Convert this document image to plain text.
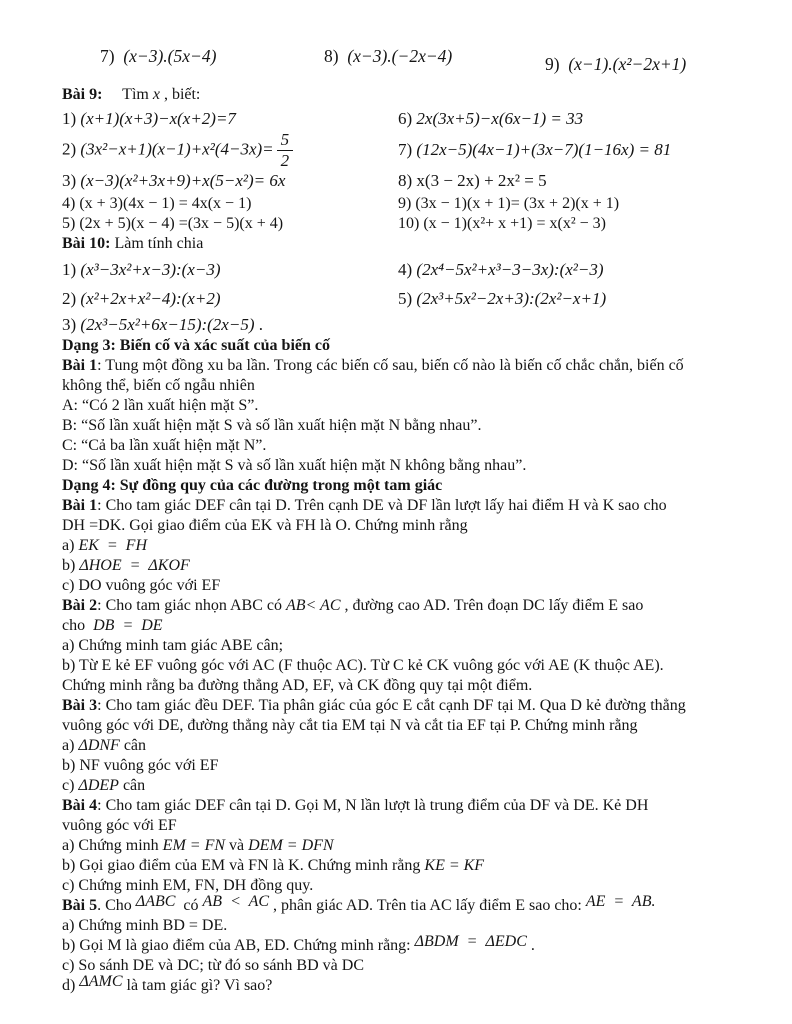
7)  (x−3).(5x−4)	8)  (x−3).(−2x−4)	9)  (x−1).(x²−2x+1)
Bài 9:     Tìm x , biết:
1) (x+1)(x+3)−x(x+2)=7	6) 2x(3x+5)−x(6x−1) = 33
2) $(3x^2-x+1)(x-1)+x^2(4-3x)= \frac{5}{2}$	7) (12x−5)(4x−1)+(3x−7)(1−16x) = 81
3) (x−3)(x²+3x+9)+x(5−x²)= 6x	8) x(3 − 2x) + 2x² = 5
4) (x + 3)(4x − 1) = 4x(x − 1)	9) (3x − 1)(x + 1)= (3x + 2)(x + 1)
5) (2x + 5)(x − 4) =(3x − 5)(x + 4)	10) (x − 1)(x²+ x +1) = x(x² − 3)
Bài 10: Làm tính chia
1) (x³−3x²+x−3):(x−3)	4) (2x⁴−5x²+x³−3−3x):(x²−3)
2) (x²+2x+x²−4):(x+2)	5) (2x³+5x²−2x+3):(2x²−x+1)
3) (2x³−5x²+6x−15):(2x−5) .
Dạng 3: Biến cố và xác suất của biến cố
Bài 1: Tung một đồng xu ba lần. Trong các biến cố sau, biến cố nào là biến cố chắc chắn, biến cố
không thể, biến cố ngẫu nhiên
A: “Có 2 lần xuất hiện mặt S”.
B: “Số lần xuất hiện mặt S và số lần xuất hiện mặt N bằng nhau”.
C: “Cả ba lần xuất hiện mặt N”.
D: “Số lần xuất hiện mặt S và số lần xuất hiện mặt N không bằng nhau”.
Dạng 4: Sự đồng quy của các đường trong một tam giác
Bài 1: Cho tam giác DEF cân tại D. Trên cạnh DE và DF lần lượt lấy hai điểm H và K sao cho
DH =DK. Gọi giao điểm của EK và FH là O. Chứng minh rằng
a) EK  =  FH
b) ΔHOE  =  ΔKOF
c) DO vuông góc với EF
Bài 2: Cho tam giác nhọn ABC có AB< AC , đường cao AD. Trên đoạn DC lấy điểm E sao
cho  DB  =  DE
a) Chứng minh tam giác ABE cân;
b) Từ E kẻ EF vuông góc với AC (F thuộc AC). Từ C kẻ CK vuông góc với AE (K thuộc AE).
Chứng minh rằng ba đường thẳng AD, EF, và CK đồng quy tại một điểm.
Bài 3: Cho tam giác đều DEF. Tia phân giác của góc E cắt cạnh DF tại M. Qua D kẻ đường thẳng
vuông góc với DE, đường thẳng này cắt tia EM tại N và cắt tia EF tại P. Chứng minh rằng
a) ΔDNF cân
b) NF vuông góc với EF
c) ΔDEP cân
Bài 4: Cho tam giác DEF cân tại D. Gọi M, N lần lượt là trung điểm của DF và DE. Kẻ DH
vuông góc với EF
a) Chứng minh EM = FN và DEM = DFN
b) Gọi giao điểm của EM và FN là K. Chứng minh rằng KE = KF
c) Chứng minh EM, FN, DH đồng quy.
Bài 5. Cho ΔABC  có AB  <  AC , phân giác AD. Trên tia AC lấy điểm E sao cho: AE  =  AB.
a) Chứng minh BD = DE.
b) Gọi M là giao điểm của AB, ED. Chứng minh rằng: ΔBDM  =  ΔEDC .
c) So sánh DE và DC; từ đó so sánh BD và DC
d) ΔAMC là tam giác gì? Vì sao?
